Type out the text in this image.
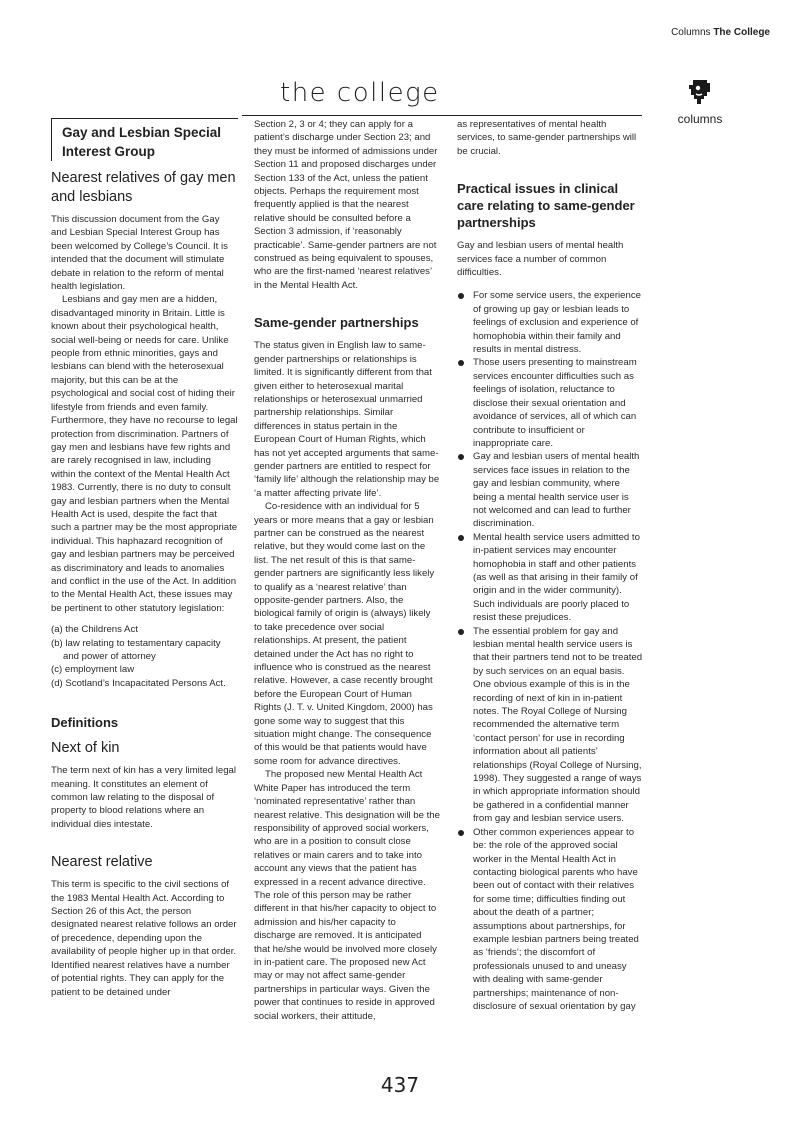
Columns The College
the college
columns
Gay and Lesbian Special Interest Group
Nearest relatives of gay men and lesbians

This discussion document from the Gay and Lesbian Special Interest Group has been welcomed by College’s Council. It is intended that the document will stimulate debate in relation to the reform of mental health legislation.

Lesbians and gay men are a hidden, disadvantaged minority in Britain. Little is known about their psychological health, social well-being or needs for care. Unlike people from ethnic minorities, gays and lesbians can blend with the heterosexual majority, but this can be at the psychological and social cost of hiding their lifestyle from friends and even family. Furthermore, they have no recourse to legal protection from discrimination. Partners of gay men and lesbians have few rights and are rarely recognised in law, including within the context of the Mental Health Act 1983. Currently, there is no duty to consult gay and lesbian partners when the Mental Health Act is used, despite the fact that such a partner may be the most appropriate individual. This haphazard recognition of gay and lesbian partners may be perceived as discriminatory and leads to anomalies and conflict in the use of the Act. In addition to the Mental Health Act, these issues may be pertinent to other statutory legislation:

(a) the Childrens Act
(b) law relating to testamentary capacity and power of attorney
(c) employment law
(d) Scotland’s Incapacitated Persons Act.
Definitions
Next of kin

The term next of kin has a very limited legal meaning. It constitutes an element of common law relating to the disposal of property to blood relations where an individual dies intestate.

Nearest relative

This term is specific to the civil sections of the 1983 Mental Health Act. According to Section 26 of this Act, the person designated nearest relative follows an order of precedence, depending upon the availability of people higher up in that order. Identified nearest relatives have a number of potential rights. They can apply for the patient to be detained under

Section 2, 3 or 4; they can apply for a patient’s discharge under Section 23; and they must be informed of admissions under Section 11 and proposed discharges under Section 133 of the Act, unless the patient objects. Perhaps the requirement most frequently applied is that the nearest relative should be consulted before a Section 3 admission, if ‘reasonably practicable’. Same-gender partners are not construed as being equivalent to spouses, who are the first-named ‘nearest relatives’ in the Mental Health Act.

Same-gender partnerships

The status given in English law to same-gender partnerships or relationships is limited. It is significantly different from that given either to heterosexual marital relationships or heterosexual unmarried partnership relationships. Similar differences in status pertain in the European Court of Human Rights, which has not yet accepted arguments that same-gender partners are entitled to respect for ‘family life’ although the relationship may be ‘a matter affecting private life’.

Co-residence with an individual for 5 years or more means that a gay or lesbian partner can be construed as the nearest relative, but they would come last on the list. The net result of this is that same-gender partners are significantly less likely to qualify as a ‘nearest relative’ than opposite-gender partners. Also, the biological family of origin is (always) likely to take precedence over social relationships. At present, the patient detained under the Act has no right to influence who is construed as the nearest relative. However, a case recently brought before the European Court of Human Rights (J. T. v. United Kingdom, 2000) has gone some way to suggest that this situation might change. The consequence of this would be that patients would have some room for advance directives.

The proposed new Mental Health Act White Paper has introduced the term ‘nominated representative’ rather than nearest relative. This designation will be the responsibility of approved social workers, who are in a position to consult close relatives or main carers and to take into account any views that the patient has expressed in a recent advance directive. The role of this person may be rather different in that his/her capacity to object to admission and his/her capacity to discharge are removed. It is anticipated that he/she would be involved more closely in in-patient care. The proposed new Act may or may not affect same-gender partnerships in particular ways. Given the power that continues to reside in approved social workers, their attitude,

as representatives of mental health services, to same-gender partnerships will be crucial.

Practical issues in clinical care relating to same-gender partnerships

Gay and lesbian users of mental health services face a number of common difficulties.

For some service users, the experience of growing up gay or lesbian leads to feelings of exclusion and experience of homophobia within their family and results in mental distress.
Those users presenting to mainstream services encounter difficulties such as feelings of isolation, reluctance to disclose their sexual orientation and avoidance of services, all of which can contribute to insufficient or inappropriate care.
Gay and lesbian users of mental health services face issues in relation to the gay and lesbian community, where being a mental health service user is not welcomed and can lead to further discrimination.
Mental health service users admitted to in-patient services may encounter homophobia in staff and other patients (as well as that arising in their family of origin and in the wider community). Such individuals are poorly placed to resist these prejudices.
The essential problem for gay and lesbian mental health service users is that their partners tend not to be treated by such services on an equal basis. One obvious example of this is in the recording of next of kin in in-patient notes. The Royal College of Nursing recommended the alternative term ‘contact person’ for use in recording information about all patients’ relationships (Royal College of Nursing, 1998). They suggested a range of ways in which appropriate information should be gathered in a confidential manner from gay and lesbian service users.
Other common experiences appear to be: the role of the approved social worker in the Mental Health Act in contacting biological parents who have been out of contact with their relatives for some time; difficulties finding out about the death of a partner; assumptions about partnerships, for example lesbian partners being treated as ‘friends’; the discomfort of professionals unused to and uneasy with dealing with same-gender partnerships; maintenance of non-disclosure of sexual orientation by gay
437
